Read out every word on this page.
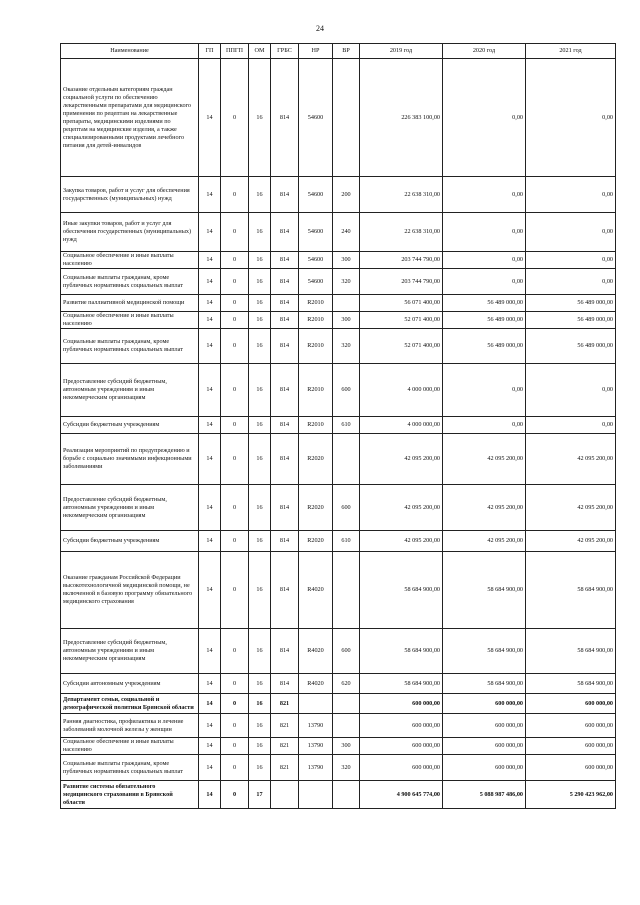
24
Наименование	ГП	ППГП	ОМ	ГРБС	НР	ВР	2019 год	2020 год	2021 год
Оказание отдельным категориям граждан социальной услуги по обеспечению лекарственными препаратами для медицинского применения по рецептам на лекарственные препараты, медицинскими изделиями по рецептам на медицинские изделия, а также специализированными продуктами лечебного питания для детей-инвалидов	14	0	16	814	54600		226 383 100,00	0,00	0,00
Закупка товаров, работ и услуг для обеспечения государственных (муниципальных) нужд	14	0	16	814	54600	200	22 638 310,00	0,00	0,00
Иные закупки товаров, работ и услуг для обеспечения государственных (муниципальных) нужд	14	0	16	814	54600	240	22 638 310,00	0,00	0,00
Социальное обеспечение и иные выплаты населению	14	0	16	814	54600	300	203 744 790,00	0,00	0,00
Социальные выплаты гражданам, кроме публичных нормативных социальных выплат	14	0	16	814	54600	320	203 744 790,00	0,00	0,00
Развитие паллиативной медицинской помощи	14	0	16	814	R2010		56 071 400,00	56 489 000,00	56 489 000,00
Социальное обеспечение и иные выплаты населению	14	0	16	814	R2010	300	52 071 400,00	56 489 000,00	56 489 000,00
Социальные выплаты гражданам, кроме публичных нормативных социальных выплат	14	0	16	814	R2010	320	52 071 400,00	56 489 000,00	56 489 000,00
Предоставление субсидий бюджетным, автономным учреждениям и иным некоммерческим организациям	14	0	16	814	R2010	600	4 000 000,00	0,00	0,00
Субсидии бюджетным учреждениям	14	0	16	814	R2010	610	4 000 000,00	0,00	0,00
Реализация мероприятий по предупреждению и борьбе с социально значимыми инфекционными заболеваниями	14	0	16	814	R2020		42 095 200,00	42 095 200,00	42 095 200,00
Предоставление субсидий бюджетным, автономным учреждениям и иным некоммерческим организациям	14	0	16	814	R2020	600	42 095 200,00	42 095 200,00	42 095 200,00
Субсидии бюджетным учреждениям	14	0	16	814	R2020	610	42 095 200,00	42 095 200,00	42 095 200,00
Оказание гражданам Российской Федерации высокотехнологичной медицинской помощи, не включенной в базовую программу обязательного медицинского страхования	14	0	16	814	R4020		58 684 900,00	58 684 900,00	58 684 900,00
Предоставление субсидий бюджетным, автономным учреждениям и иным некоммерческим организациям	14	0	16	814	R4020	600	58 684 900,00	58 684 900,00	58 684 900,00
Субсидии автономным учреждениям	14	0	16	814	R4020	620	58 684 900,00	58 684 900,00	58 684 900,00
Департамент семьи, социальной и демографической политики Брянской области	14	0	16	821			600 000,00	600 000,00	600 000,00
Ранняя диагностика, профилактика и лечение заболеваний молочной железы у женщин	14	0	16	821	13790		600 000,00	600 000,00	600 000,00
Социальное обеспечение и иные выплаты населению	14	0	16	821	13790	300	600 000,00	600 000,00	600 000,00
Социальные выплаты гражданам, кроме публичных нормативных социальных выплат	14	0	16	821	13790	320	600 000,00	600 000,00	600 000,00
Развитие системы обязательного медицинского страхования в Брянской области	14	0	17				4 900 645 774,00	5 088 987 486,00	5 290 423 962,00
